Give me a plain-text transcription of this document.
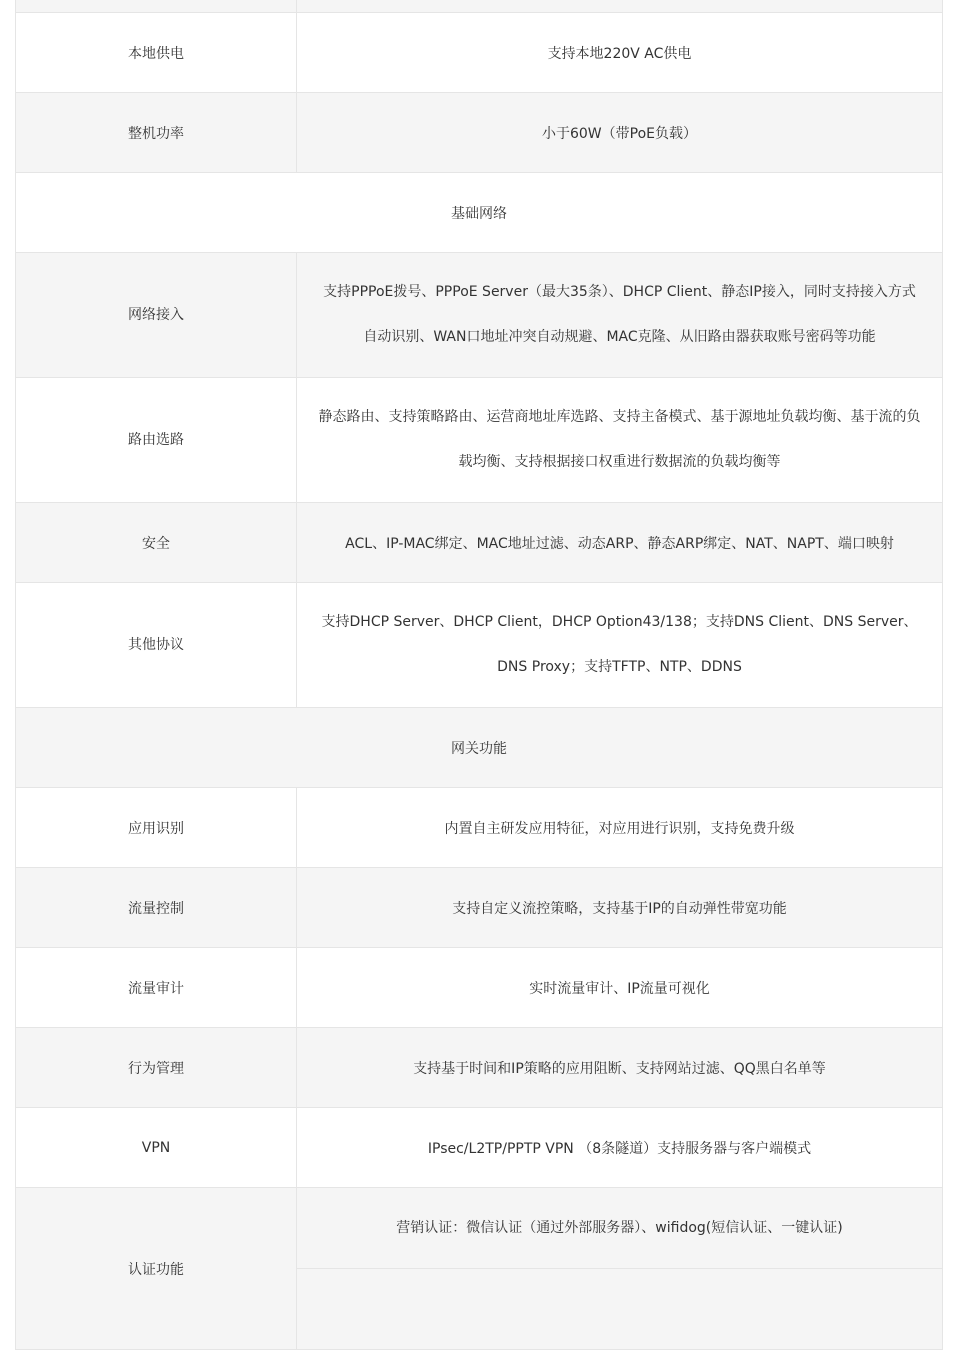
本地供电	支持本地220V AC供电
整机功率	小于60W（带PoE负载）
基础网络	
网络接入	支持PPPoE拨号、PPPoE Server（最大35条）、DHCP Client、静态IP接入，同时支持接入方式自动识别、WAN口地址冲突自动规避、MAC克隆、从旧路由器获取账号密码等功能
路由选路	静态路由、支持策略路由、运营商地址库选路、支持主备模式、基于源地址负载均衡、基于流的负载均衡、支持根据接口权重进行数据流的负载均衡等
安全	ACL、IP-MAC绑定、MAC地址过滤、动态ARP、静态ARP绑定、NAT、NAPT、端口映射
其他协议	支持DHCP Server、DHCP Client，DHCP Option43/138；支持DNS Client、DNS Server、DNS Proxy；支持TFTP、NTP、DDNS
网关功能	
应用识别	内置自主研发应用特征，对应用进行识别，支持免费升级
流量控制	支持自定义流控策略，支持基于IP的自动弹性带宽功能
流量审计	实时流量审计、IP流量可视化
行为管理	支持基于时间和IP策略的应用阻断、支持网站过滤、QQ黑白名单等
VPN	IPsec/L2TP/PPTP VPN （8条隧道）支持服务器与客户端模式
认证功能	营销认证：微信认证（通过外部服务器）、wifidog(短信认证、一键认证)
